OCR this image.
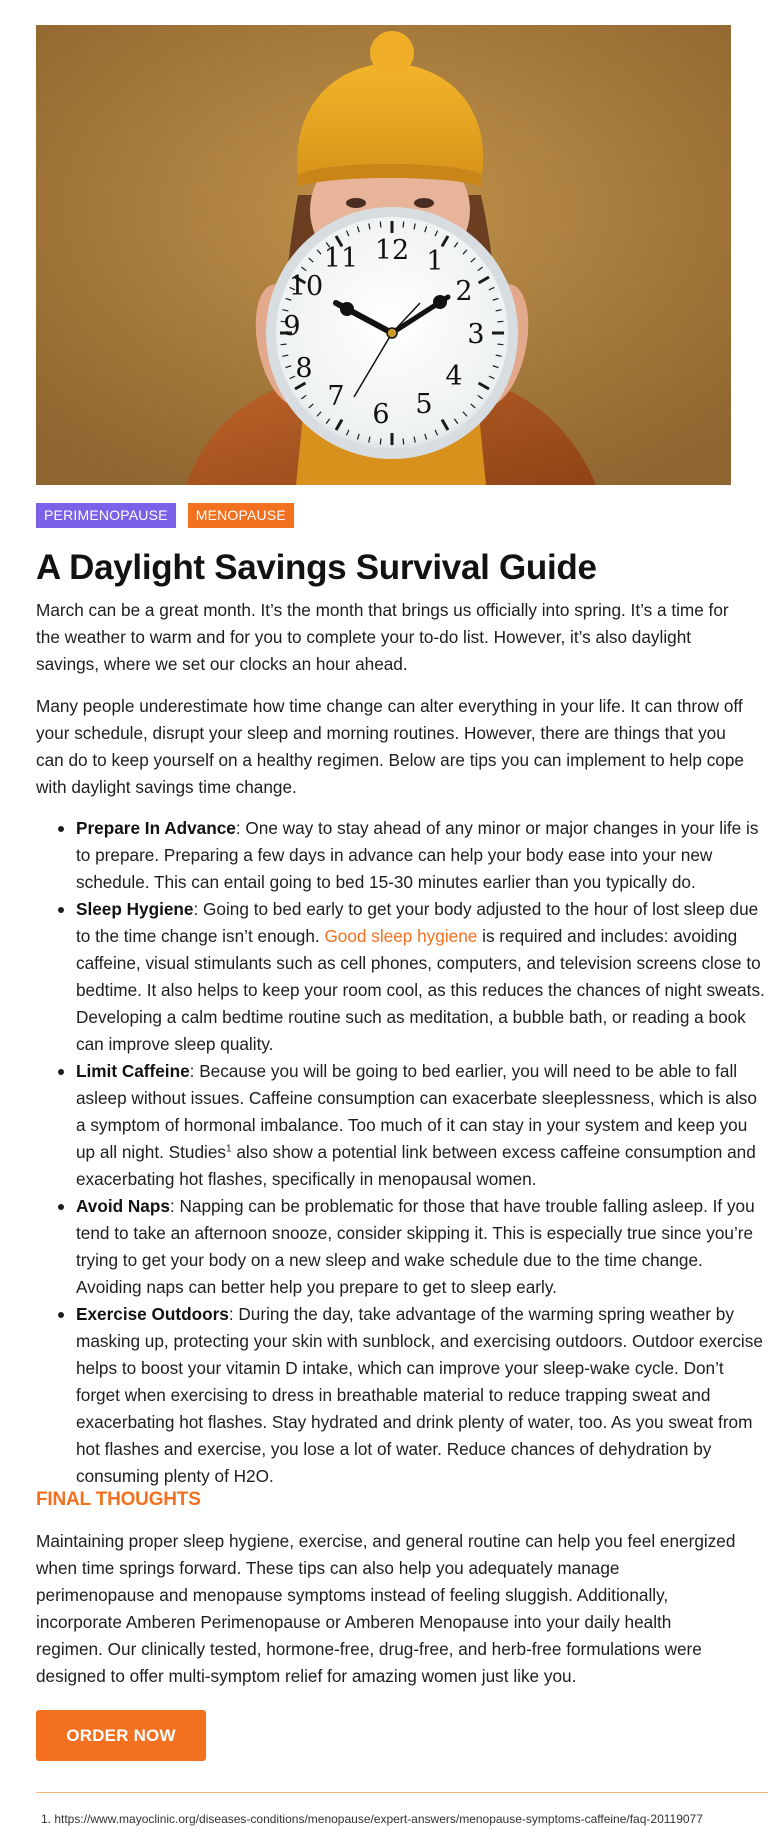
12 1
2
3
4
5
6
7
8
9
10
11
PERIMENOPAUSE	MENOPAUSE
A Daylight Savings Survival Guide

March can be a great month. It’s the month that brings us officially into spring. It’s a time for the weather to warm and for you to complete your to-do list. However, it’s also daylight savings, where we set our clocks an hour ahead.

Many people underestimate how time change can alter everything in your life. It can throw off your schedule, disrupt your sleep and morning routines. However, there are things that you can do to keep yourself on a healthy regimen. Below are tips you can implement to help cope with daylight savings time change.

Prepare In Advance: One way to stay ahead of any minor or major changes in your life is to prepare. Preparing a few days in advance can help your body ease into your new schedule. This can entail going to bed 15-30 minutes earlier than you typically do.
Sleep Hygiene: Going to bed early to get your body adjusted to the hour of lost sleep due to the time change isn’t enough. Good sleep hygiene is required and includes: avoiding caffeine, visual stimulants such as cell phones, computers, and television screens close to bedtime. It also helps to keep your room cool, as this reduces the chances of night sweats. Developing a calm bedtime routine such as meditation, a bubble bath, or reading a book can improve sleep quality.
Limit Caffeine: Because you will be going to bed earlier, you will need to be able to fall asleep without issues. Caffeine consumption can exacerbate sleeplessness, which is also a symptom of hormonal imbalance. Too much of it can stay in your system and keep you up all night. Studies$^1$ also show a potential link between excess caffeine consumption and exacerbating hot flashes, specifically in menopausal women.
Avoid Naps: Napping can be problematic for those that have trouble falling asleep. If you tend to take an afternoon snooze, consider skipping it. This is especially true since you’re trying to get your body on a new sleep and wake schedule due to the time change. Avoiding naps can better help you prepare to get to sleep early.
Exercise Outdoors: During the day, take advantage of the warming spring weather by masking up, protecting your skin with sunblock, and exercising outdoors. Outdoor exercise helps to boost your vitamin D intake, which can improve your sleep-wake cycle. Don’t forget when exercising to dress in breathable material to reduce trapping sweat and exacerbating hot flashes. Stay hydrated and drink plenty of water, too. As you sweat from hot flashes and exercise, you lose a lot of water. Reduce chances of dehydration by consuming plenty of H2O.
FINAL THOUGHTS

Maintaining proper sleep hygiene, exercise, and general routine can help you feel energized when time springs forward. These tips can also help you adequately manage perimenopause and menopause symptoms instead of feeling sluggish. Additionally, incorporate Amberen Perimenopause or Amberen Menopause into your daily health regimen. Our clinically tested, hormone-free, drug-free, and herb-free formulations were designed to offer multi-symptom relief for amazing women just like you.

ORDER NOW

1. https://www.mayoclinic.org/diseases-conditions/menopause/expert-answers/menopause-symptoms-caffeine/faq-20119077
